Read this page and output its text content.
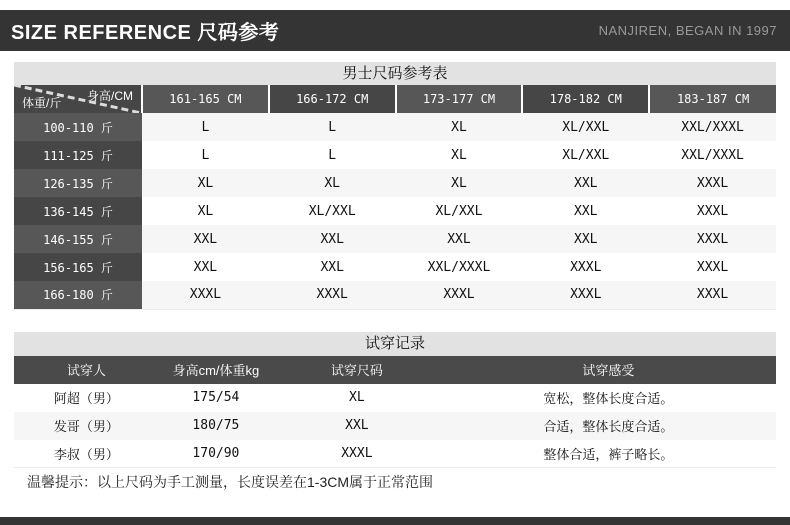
SIZE REFERENCE 尺码参考	NANJIREN, BEGAN IN 1997
男士尺码参考表
身高/CM
体重/斤	161-165 CM	166-172 CM	173-177 CM	178-182 CM	183-187 CM
100-110 斤	L	L	XL	XL/XXL	XXL/XXXL
111-125 斤	L	L	XL	XL/XXL	XXL/XXXL
126-135 斤	XL	XL	XL	XXL	XXXL
136-145 斤	XL	XL/XXL	XL/XXL	XXL	XXXL
146-155 斤	XXL	XXL	XXL	XXL	XXXL
156-165 斤	XXL	XXL	XXL/XXXL	XXXL	XXXL
166-180 斤	XXXL	XXXL	XXXL	XXXL	XXXL
试穿记录
试穿人	身高cm/体重kg	试穿尺码	试穿感受
阿超（男）	175/54	XL	宽松，整体长度合适。
发哥（男）	180/75	XXL	合适，整体长度合适。
李叔（男）	170/90	XXXL	整体合适，裤子略长。
温馨提示：以上尺码为手工测量，长度误差在1-3CM属于正常范围
